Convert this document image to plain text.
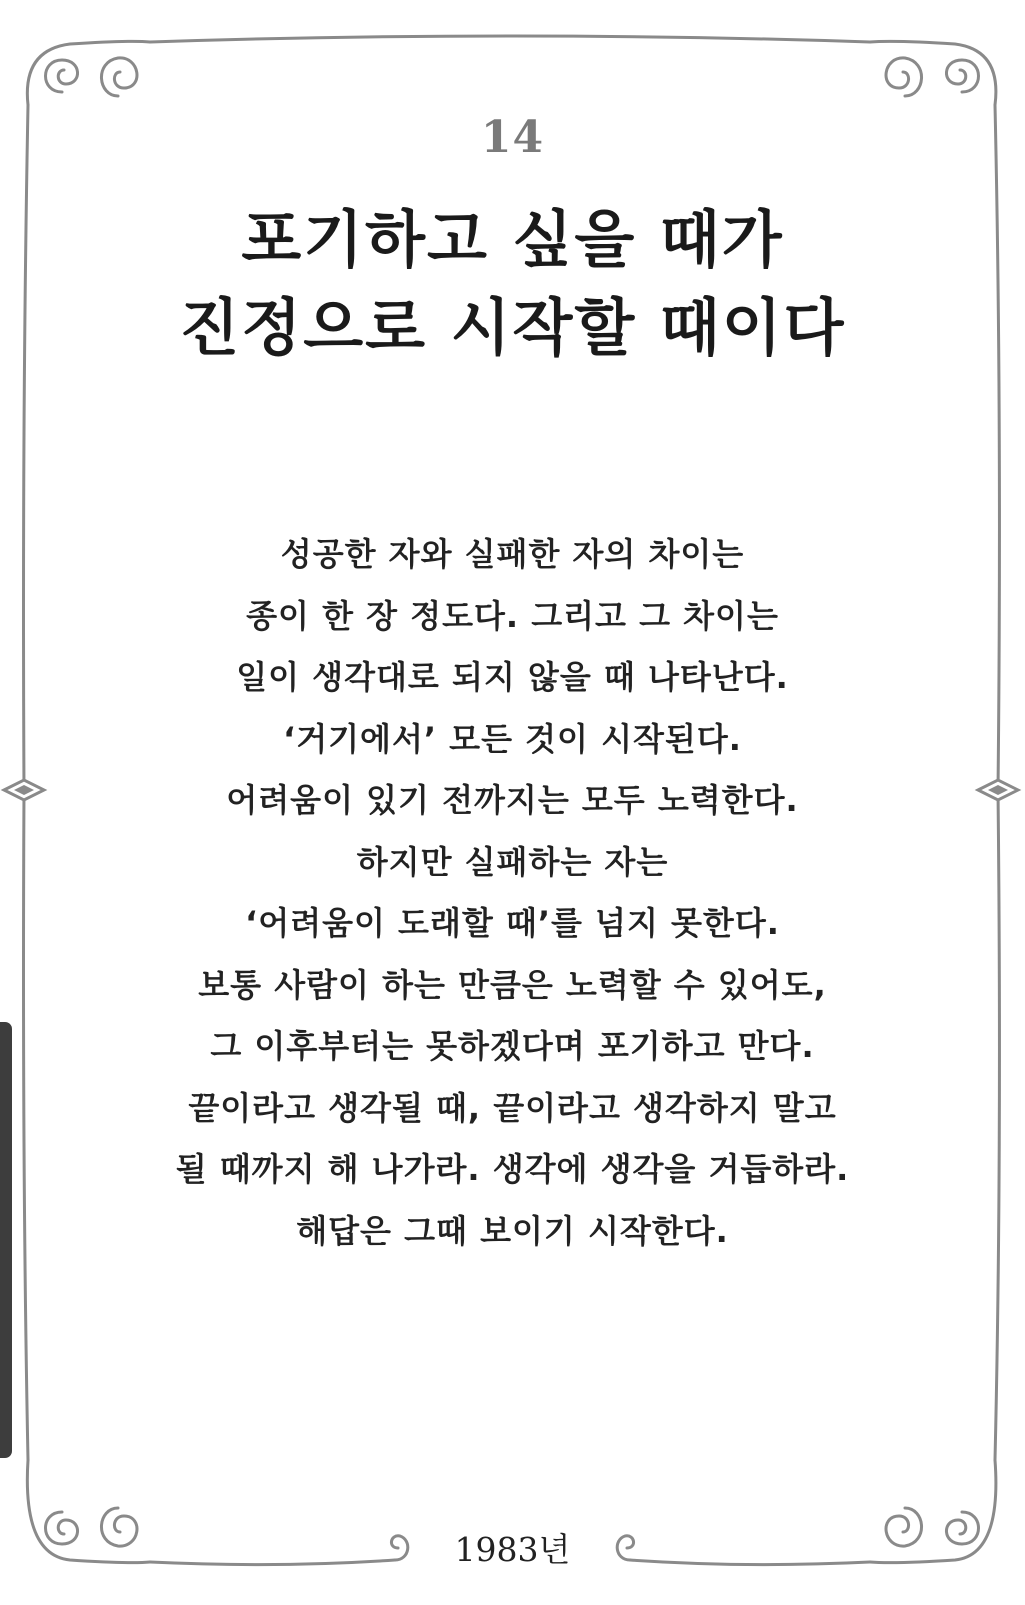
14
포기하고 싶을 때가
진정으로 시작할 때이다
성공한 자와 실패한 자의 차이는
종이 한 장 정도다. 그리고 그 차이는
일이 생각대로 되지 않을 때 나타난다.
‘거기에서’ 모든 것이 시작된다.
어려움이 있기 전까지는 모두 노력한다.
하지만 실패하는 자는
‘어려움이 도래할 때’를 넘지 못한다.
보통 사람이 하는 만큼은 노력할 수 있어도,
그 이후부터는 못하겠다며 포기하고 만다.
끝이라고 생각될 때, 끝이라고 생각하지 말고
될 때까지 해 나가라. 생각에 생각을 거듭하라.
해답은 그때 보이기 시작한다.
1983년
